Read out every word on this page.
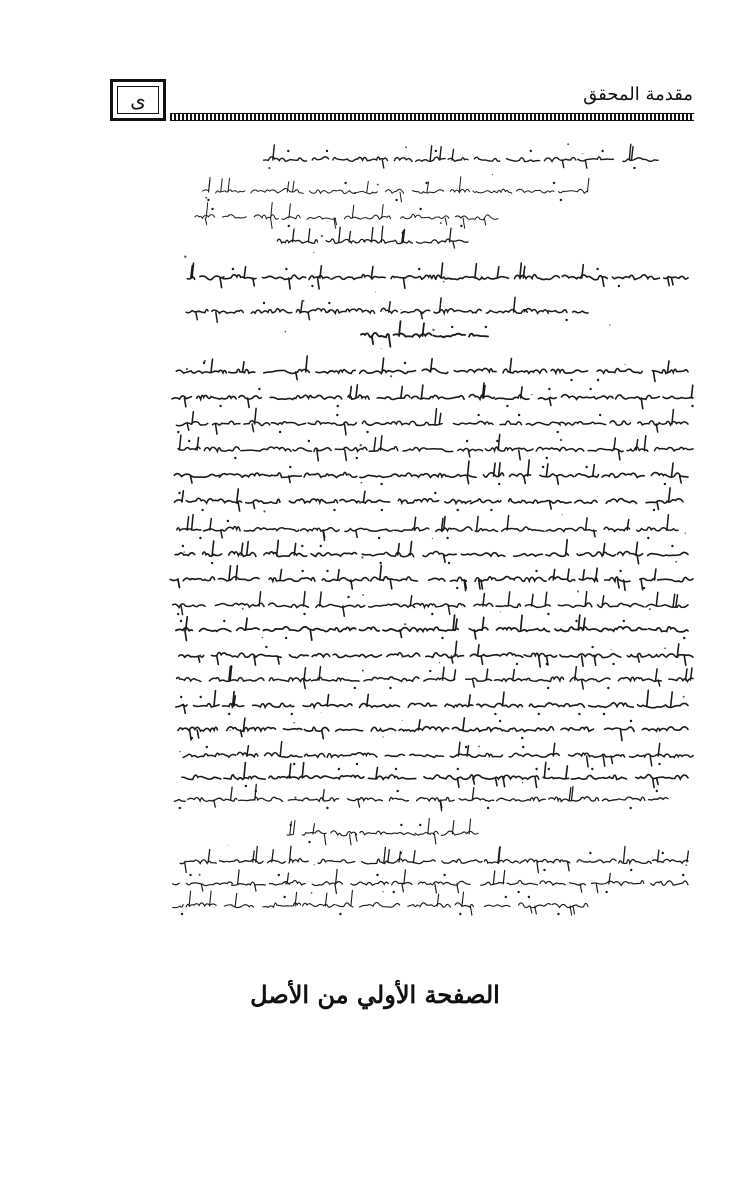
ى	مقدمة المحقق
الصفحة الأولي من الأصل
